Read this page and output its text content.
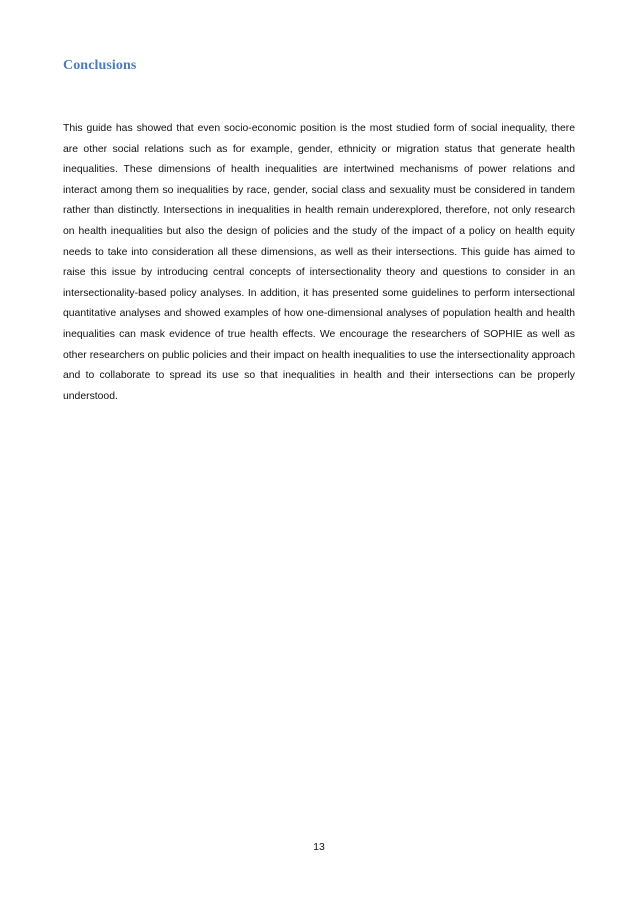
Conclusions

This guide has showed that even socio-economic position is the most studied form of social inequality, there are other social relations such as for example, gender, ethnicity or migration status that generate health inequalities. These dimensions of health inequalities are intertwined mechanisms of power relations and interact among them so inequalities by race, gender, social class and sexuality must be considered in tandem rather than distinctly. Intersections in inequalities in health remain underexplored, therefore, not only research on health inequalities but also the design of policies and the study of the impact of a policy on health equity needs to take into consideration all these dimensions, as well as their intersections. This guide has aimed to raise this issue by introducing central concepts of intersectionality theory and questions to consider in an intersectionality-based policy analyses. In addition, it has presented some guidelines to perform intersectional quantitative analyses and showed examples of how one-dimensional analyses of population health and health inequalities can mask evidence of true health effects. We encourage the researchers of SOPHIE as well as other researchers on public policies and their impact on health inequalities to use the intersectionality approach and to collaborate to spread its use so that inequalities in health and their intersections can be properly understood.

13
